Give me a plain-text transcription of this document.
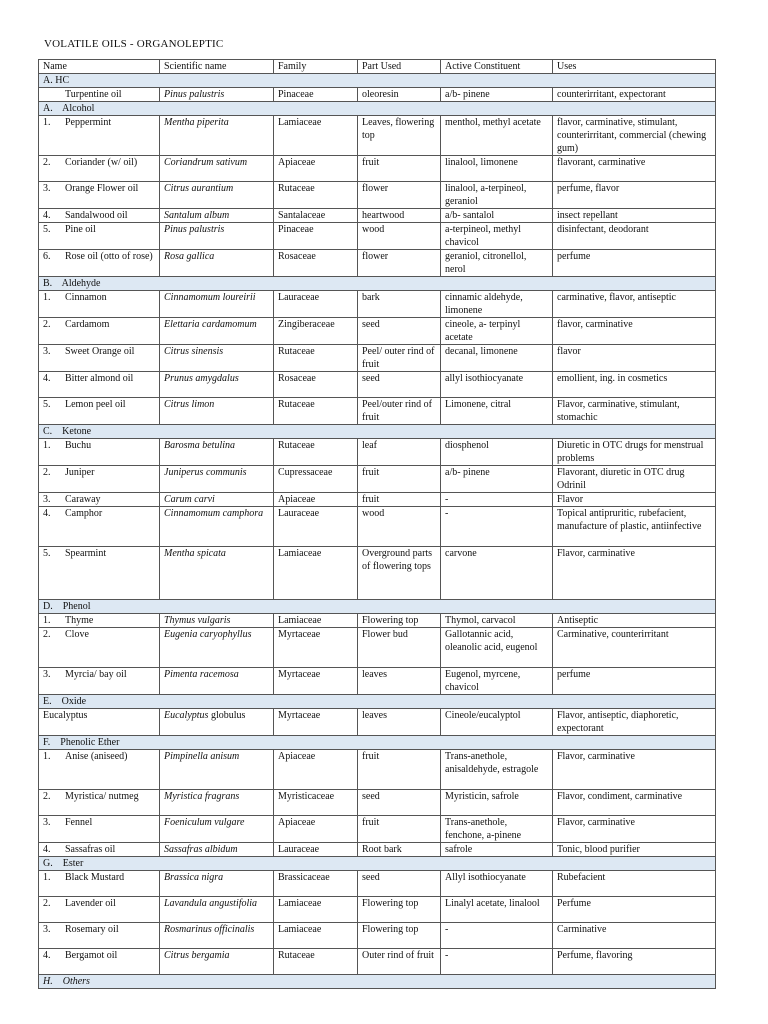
VOLATILE OILS - ORGANOLEPTIC
Name	Scientific name	Family	Part Used	Active Constituent	Uses
A. HC					

Turpentine oil	Pinus palustris	Pinaceae	oleoresin	a/b- pinene	counterirritant, expectorant
A.    Alcohol					

1. Peppermint	Mentha piperita	Lamiaceae	Leaves, flowering top	menthol, methyl acetate	flavor, carminative, stimulant, counterirritant, commercial (chewing gum)

2. Coriander (w/ oil)	Coriandrum sativum	Apiaceae	fruit	linalool, limonene	flavorant, carminative

3. Orange Flower oil	Citrus aurantium	Rutaceae	flower	linalool, a-terpineol, geraniol	perfume, flavor

4. Sandalwood oil	Santalum album	Santalaceae	heartwood	a/b- santalol	insect repellant

5. Pine oil	Pinus palustris	Pinaceae	wood	a-terpineol, methyl chavicol	disinfectant, deodorant

6. Rose oil (otto of rose)	Rosa gallica	Rosaceae	flower	geraniol, citronellol, nerol	perfume
B.    Aldehyde					

1. Cinnamon	Cinnamomum loureirii	Lauraceae	bark	cinnamic aldehyde, limonene	carminative, flavor, antiseptic

2. Cardamom	Elettaria cardamomum	Zingiberaceae	seed	cineole, a- terpinyl acetate	flavor, carminative

3. Sweet Orange oil	Citrus sinensis	Rutaceae	Peel/ outer rind of fruit	decanal, limonene	flavor

4. Bitter almond oil	Prunus amygdalus	Rosaceae	seed	allyl isothiocyanate	emollient, ing. in cosmetics

5. Lemon peel oil	Citrus limon	Rutaceae	Peel/outer rind of fruit	Limonene, citral	Flavor, carminative, stimulant, stomachic
C.    Ketone					

1. Buchu	Barosma betulina	Rutaceae	leaf	diosphenol	Diuretic in OTC drugs for menstrual problems

2. Juniper	Juniperus communis	Cupressaceae	fruit	a/b- pinene	Flavorant, diuretic in OTC drug Odrinil

3. Caraway	Carum carvi	Apiaceae	fruit	-	Flavor

4. Camphor	Cinnamomum camphora	Lauraceae	wood	-	Topical antipruritic, rubefacient, manufacture of plastic, antiinfective

5. Spearmint	Mentha spicata	Lamiaceae	Overground parts of flowering tops	carvone	Flavor, carminative
D.    Phenol					

1. Thyme	Thymus vulgaris	Lamiaceae	Flowering top	Thymol, carvacol	Antiseptic

2. Clove	Eugenia caryophyllus	Myrtaceae	Flower bud	Gallotannic acid, oleanolic acid, eugenol	Carminative, counterirritant

3. Myrcia/ bay oil	Pimenta racemosa	Myrtaceae	leaves	Eugenol, myrcene, chavicol	perfume
E.    Oxide					

Eucalyptus	Eucalyptus globulus	Myrtaceae	leaves	Cineole/eucalyptol	Flavor, antiseptic, diaphoretic, expectorant
F.    Phenolic Ether					

1. Anise (aniseed)	Pimpinella anisum	Apiaceae	fruit	Trans-anethole, anisaldehyde, estragole	Flavor, carminative

2. Myristica/ nutmeg	Myristica fragrans	Myristicaceae	seed	Myristicin, safrole	Flavor, condiment, carminative

3. Fennel	Foeniculum vulgare	Apiaceae	fruit	Trans-anethole, fenchone, a-pinene	Flavor, carminative

4. Sassafras oil	Sassafras albidum	Lauraceae	Root bark	safrole	Tonic, blood purifier
G.    Ester					

1. Black Mustard	Brassica nigra	Brassicaceae	seed	Allyl isothiocyanate	Rubefacient

2. Lavender oil	Lavandula angustifolia	Lamiaceae	Flowering top	Linalyl acetate, linalool	Perfume

3. Rosemary oil	Rosmarinus officinalis	Lamiaceae	Flowering top	-	Carminative

4. Bergamot oil	Citrus bergamia	Rutaceae	Outer rind of fruit	-	Perfume, flavoring
H.    Others					
